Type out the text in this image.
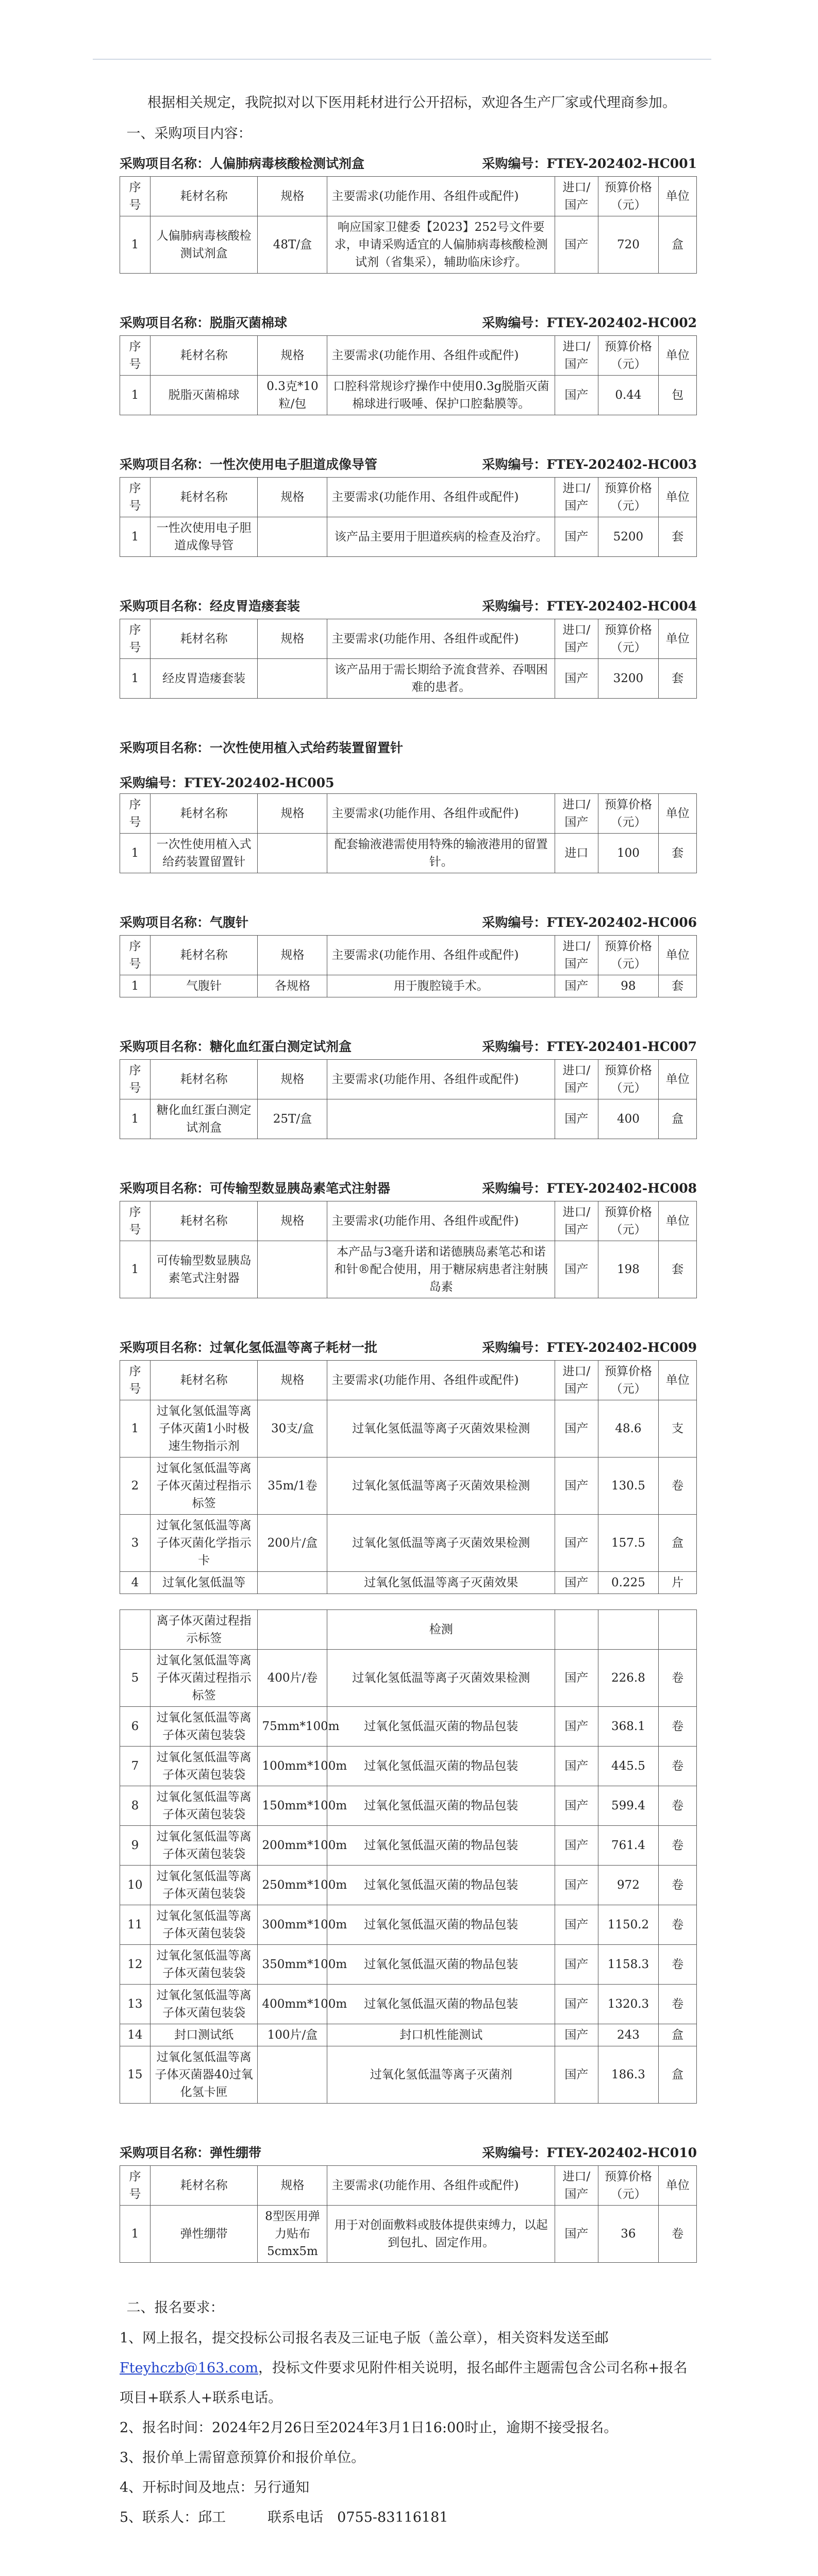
根据相关规定，我院拟对以下医用耗材进行公开招标，欢迎各生产厂家或代理商参加。

一、采购项目内容：

采购项目名称：人偏肺病毒核酸检测试剂盒	采购编号：FTEY-202402-HC001
序号	耗材名称	规格	主要需求(功能作用、各组件或配件)	进口/国产	预算价格（元）	单位
1	人偏肺病毒核酸检测试剂盒	48T/盒	响应国家卫健委【2023】252号文件要求，申请采购适宜的人偏肺病毒核酸检测试剂（省集采），辅助临床诊疗。	国产	720	盒
采购项目名称：脱脂灭菌棉球	采购编号：FTEY-202402-HC002
序号	耗材名称	规格	主要需求(功能作用、各组件或配件)	进口/国产	预算价格（元）	单位
1	脱脂灭菌棉球	0.3克*10粒/包	口腔科常规诊疗操作中使用0.3g脱脂灭菌棉球进行吸唾、保护口腔黏膜等。	国产	0.44	包
采购项目名称：一性次使用电子胆道成像导管	采购编号：FTEY-202402-HC003
序号	耗材名称	规格	主要需求(功能作用、各组件或配件)	进口/国产	预算价格（元）	单位
1	一性次使用电子胆道成像导管		该产品主要用于胆道疾病的检查及治疗。	国产	5200	套
采购项目名称：经皮胃造瘘套装	采购编号：FTEY-202402-HC004
序号	耗材名称	规格	主要需求(功能作用、各组件或配件)	进口/国产	预算价格（元）	单位
1	经皮胃造瘘套装		该产品用于需长期给予流食营养、吞咽困难的患者。	国产	3200	套
采购项目名称：一次性使用植入式给药装置留置针
采购编号：FTEY-202402-HC005
序号	耗材名称	规格	主要需求(功能作用、各组件或配件)	进口/国产	预算价格（元）	单位
1	一次性使用植入式给药装置留置针		配套输液港需使用特殊的输液港用的留置针。	进口	100	套
采购项目名称：气腹针	采购编号：FTEY-202402-HC006
序号	耗材名称	规格	主要需求(功能作用、各组件或配件)	进口/国产	预算价格（元）	单位
1	气腹针	各规格	用于腹腔镜手术。	国产	98	套
采购项目名称：糖化血红蛋白测定试剂盒	采购编号：FTEY-202401-HC007
序号	耗材名称	规格	主要需求(功能作用、各组件或配件)	进口/国产	预算价格（元）	单位
1	糖化血红蛋白测定试剂盒	25T/盒		国产	400	盒
采购项目名称：可传输型数显胰岛素笔式注射器	采购编号：FTEY-202402-HC008
序号	耗材名称	规格	主要需求(功能作用、各组件或配件)	进口/国产	预算价格（元）	单位
1	可传输型数显胰岛素笔式注射器		本产品与3毫升诺和诺德胰岛素笔芯和诺和针®配合使用，用于糖尿病患者注射胰岛素	国产	198	套
采购项目名称：过氧化氢低温等离子耗材一批	采购编号：FTEY-202402-HC009
序号	耗材名称	规格	主要需求(功能作用、各组件或配件)	进口/国产	预算价格（元）	单位
1	过氧化氢低温等离子体灭菌1小时极速生物指示剂	30支/盒	过氧化氢低温等离子灭菌效果检测	国产	48.6	支
2	过氧化氢低温等离子体灭菌过程指示标签	35m/1卷	过氧化氢低温等离子灭菌效果检测	国产	130.5	卷
3	过氧化氢低温等离子体灭菌化学指示卡	200片/盒	过氧化氢低温等离子灭菌效果检测	国产	157.5	盒
4	过氧化氢低温等		过氧化氢低温等离子灭菌效果	国产	0.225	片

	离子体灭菌过程指示标签		检测			
5	过氧化氢低温等离子体灭菌过程指示标签	400片/卷	过氧化氢低温等离子灭菌效果检测	国产	226.8	卷
6	过氧化氢低温等离子体灭菌包装袋	75mm*100m	过氧化氢低温灭菌的物品包装	国产	368.1	卷
7	过氧化氢低温等离子体灭菌包装袋	100mm*100m	过氧化氢低温灭菌的物品包装	国产	445.5	卷
8	过氧化氢低温等离子体灭菌包装袋	150mm*100m	过氧化氢低温灭菌的物品包装	国产	599.4	卷
9	过氧化氢低温等离子体灭菌包装袋	200mm*100m	过氧化氢低温灭菌的物品包装	国产	761.4	卷
10	过氧化氢低温等离子体灭菌包装袋	250mm*100m	过氧化氢低温灭菌的物品包装	国产	972	卷
11	过氧化氢低温等离子体灭菌包装袋	300mm*100m	过氧化氢低温灭菌的物品包装	国产	1150.2	卷
12	过氧化氢低温等离子体灭菌包装袋	350mm*100m	过氧化氢低温灭菌的物品包装	国产	1158.3	卷
13	过氧化氢低温等离子体灭菌包装袋	400mm*100m	过氧化氢低温灭菌的物品包装	国产	1320.3	卷
14	封口测试纸	100片/盒	封口机性能测试	国产	243	盒
15	过氧化氢低温等离子体灭菌器40过氧化氢卡匣		过氧化氢低温等离子灭菌剂	国产	186.3	盒
采购项目名称：弹性绷带	采购编号：FTEY-202402-HC010
序号	耗材名称	规格	主要需求(功能作用、各组件或配件)	进口/国产	预算价格（元）	单位
1	弹性绷带	8型医用弹力贴布5cmx5m	用于对创面敷料或肢体提供束缚力，以起到包扎、固定作用。	国产	36	卷

二、报名要求：

1、网上报名，提交投标公司报名表及三证电子版（盖公章），相关资料发送至邮Fteyhczb@163.com，投标文件要求见附件相关说明，报名邮件主题需包含公司名称+报名项目+联系人+联系电话。

2、报名时间：2024年2月26日至2024年3月1日16:00时止，逾期不接受报名。

3、报价单上需留意预算价和报价单位。

4、开标时间及地点：另行通知

5、联系人：邱工　　　联系电话　0755-83116181
